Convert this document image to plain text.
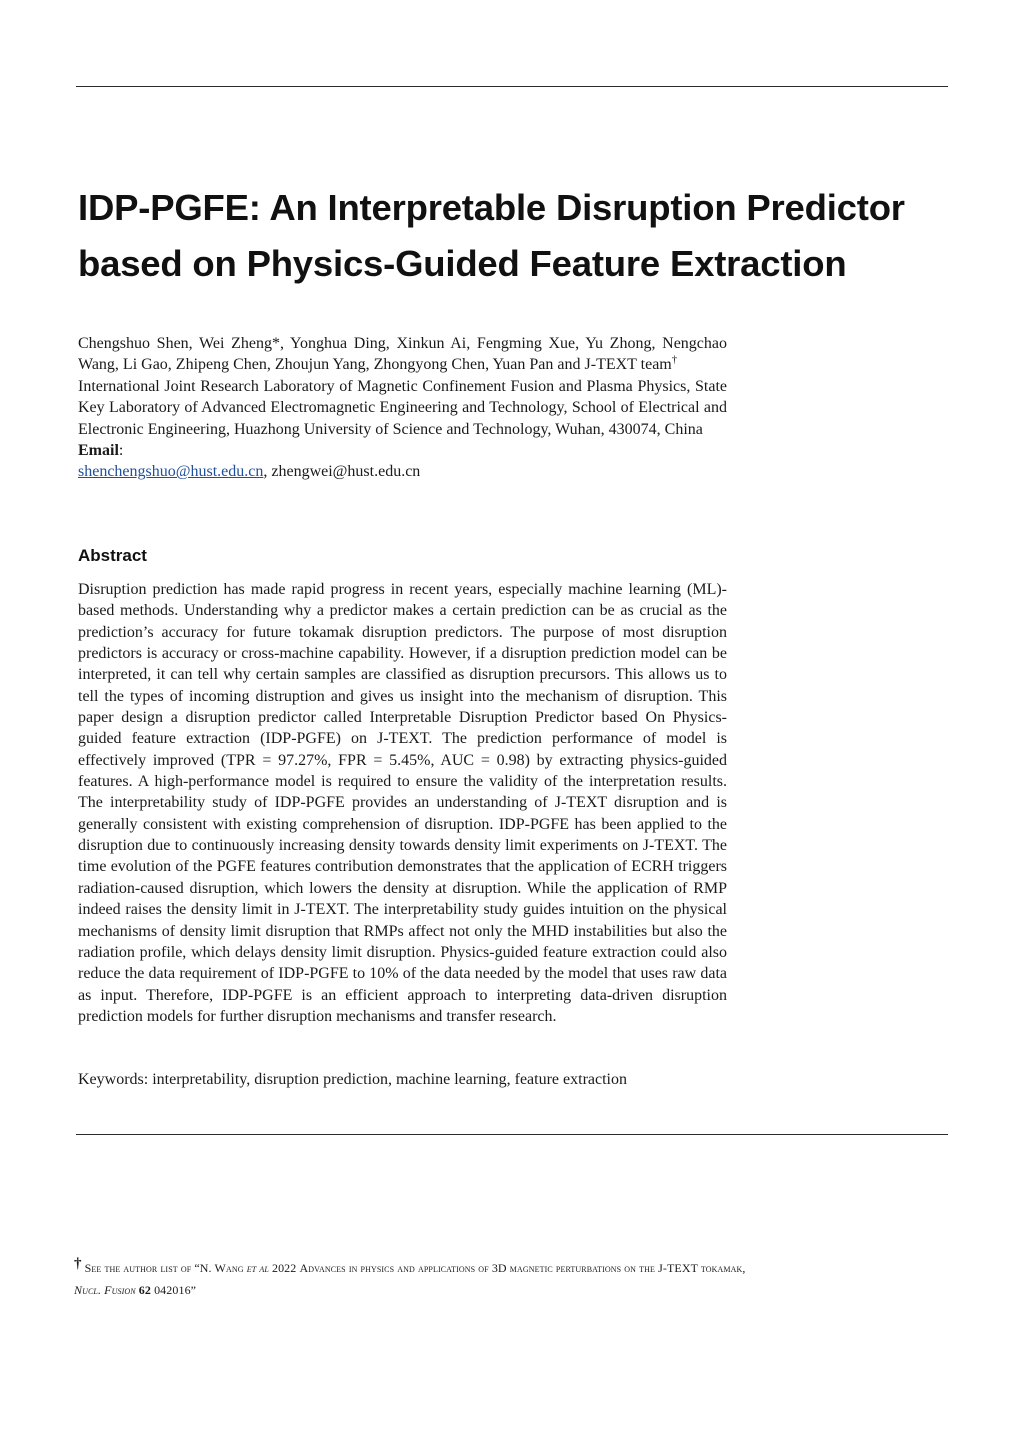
IDP-PGFE: An Interpretable Disruption Predictor
based on Physics-Guided Feature Extraction

Chengshuo Shen, Wei Zheng*, Yonghua Ding, Xinkun Ai, Fengming Xue, Yu Zhong, Nengchao Wang, Li Gao, Zhipeng Chen, Zhoujun Yang, Zhongyong Chen, Yuan Pan and J-TEXT team†

International Joint Research Laboratory of Magnetic Confinement Fusion and Plasma Physics, State Key Laboratory of Advanced Electromagnetic Engineering and Technology, School of Electrical and Electronic Engineering, Huazhong University of Science and Technology, Wuhan, 430074, China

Email:

shenchengshuo@hust.edu.cn, zhengwei@hust.edu.cn

Abstract

Disruption prediction has made rapid progress in recent years, especially machine learning (ML)-based methods. Understanding why a predictor makes a certain prediction can be as crucial as the prediction’s accuracy for future tokamak disruption predictors. The purpose of most disruption predictors is accuracy or cross-machine capability. However, if a disruption prediction model can be interpreted, it can tell why certain samples are classified as disruption precursors. This allows us to tell the types of incoming distruption and gives us insight into the mechanism of disruption. This paper design a disruption predictor called Interpretable Disruption Predictor based On Physics-guided feature extraction (IDP-PGFE) on J-TEXT. The prediction performance of model is effectively improved (TPR = 97.27%, FPR = 5.45%, AUC = 0.98) by extracting physics-guided features. A high-performance model is required to ensure the validity of the interpretation results. The interpretability study of IDP-PGFE provides an understanding of J-TEXT disruption and is generally consistent with existing comprehension of disruption. IDP-PGFE has been applied to the disruption due to continuously increasing density towards density limit experiments on J-TEXT. The time evolution of the PGFE features contribution demonstrates that the application of ECRH triggers radiation-caused disruption, which lowers the density at disruption. While the application of RMP indeed raises the density limit in J-TEXT. The interpretability study guides intuition on the physical mechanisms of density limit disruption that RMPs affect not only the MHD instabilities but also the radiation profile, which delays density limit disruption. Physics-guided feature extraction could also reduce the data requirement of IDP-PGFE to 10% of the data needed by the model that uses raw data as input. Therefore, IDP-PGFE is an efficient approach to interpreting data-driven disruption prediction models for further disruption mechanisms and transfer research.

Keywords: interpretability, disruption prediction, machine learning, feature extraction

† See the author list of “N. Wang et al 2022 Advances in physics and applications of 3D magnetic perturbations on the J-TEXT tokamak,
Nucl. Fusion 62 042016”
